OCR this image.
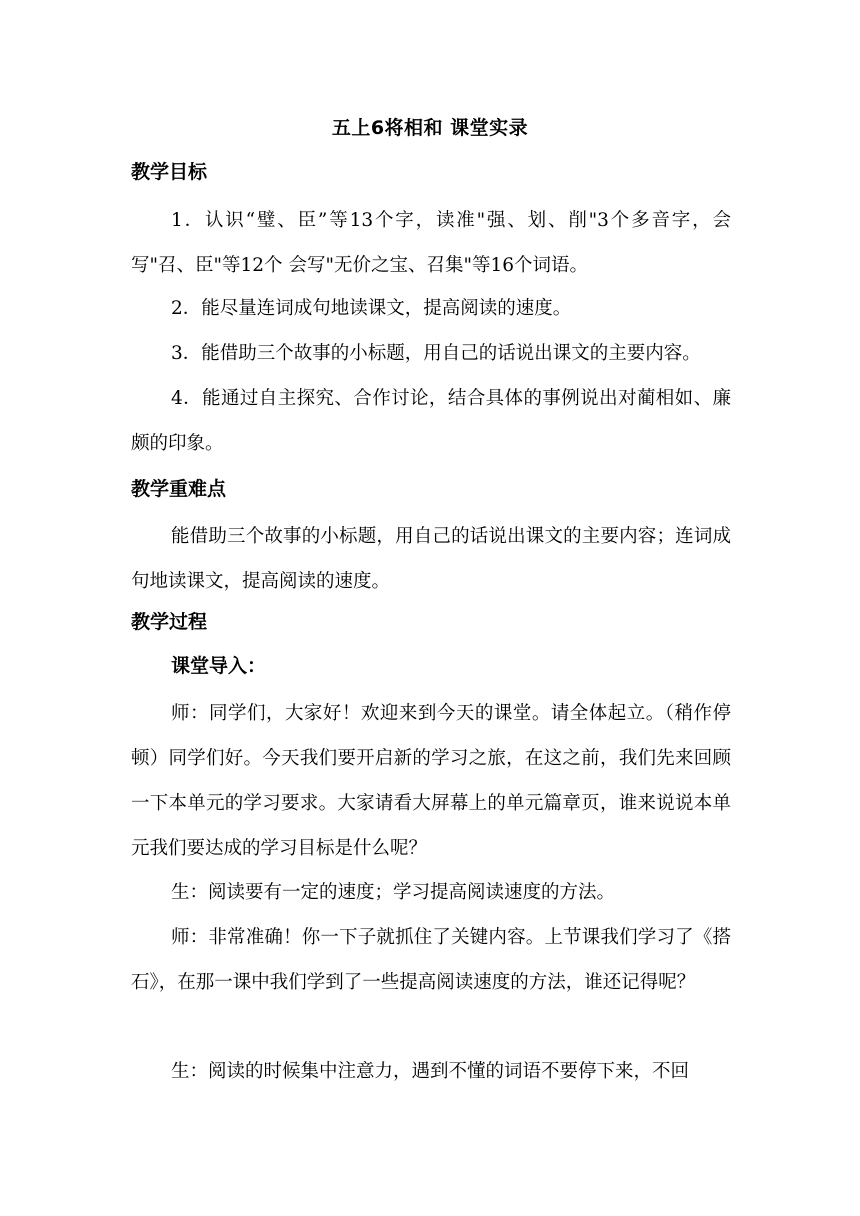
五上6将相和 课堂实录
教学目标

1．认识“璧、臣”等13个字，读准"强、划、削"3个多音字，会写"召、臣"等12个 会写"无价之宝、召集"等16个词语。

2．能尽量连词成句地读课文，提高阅读的速度。

3．能借助三个故事的小标题，用自己的话说出课文的主要内容。

4．能通过自主探究、合作讨论，结合具体的事例说出对蔺相如、廉颇的印象。

教学重难点

能借助三个故事的小标题，用自己的话说出课文的主要内容；连词成句地读课文，提高阅读的速度。

教学过程
课堂导入：

师：同学们，大家好！欢迎来到今天的课堂。请全体起立。（稍作停顿）同学们好。今天我们要开启新的学习之旅，在这之前，我们先来回顾一下本单元的学习要求。大家请看大屏幕上的单元篇章页，谁来说说本单元我们要达成的学习目标是什么呢？

生：阅读要有一定的速度；学习提高阅读速度的方法。

师：非常准确！你一下子就抓住了关键内容。上节课我们学习了《搭石》，在那一课中我们学到了一些提高阅读速度的方法，谁还记得呢？

生：阅读的时候集中注意力，遇到不懂的词语不要停下来，不回
